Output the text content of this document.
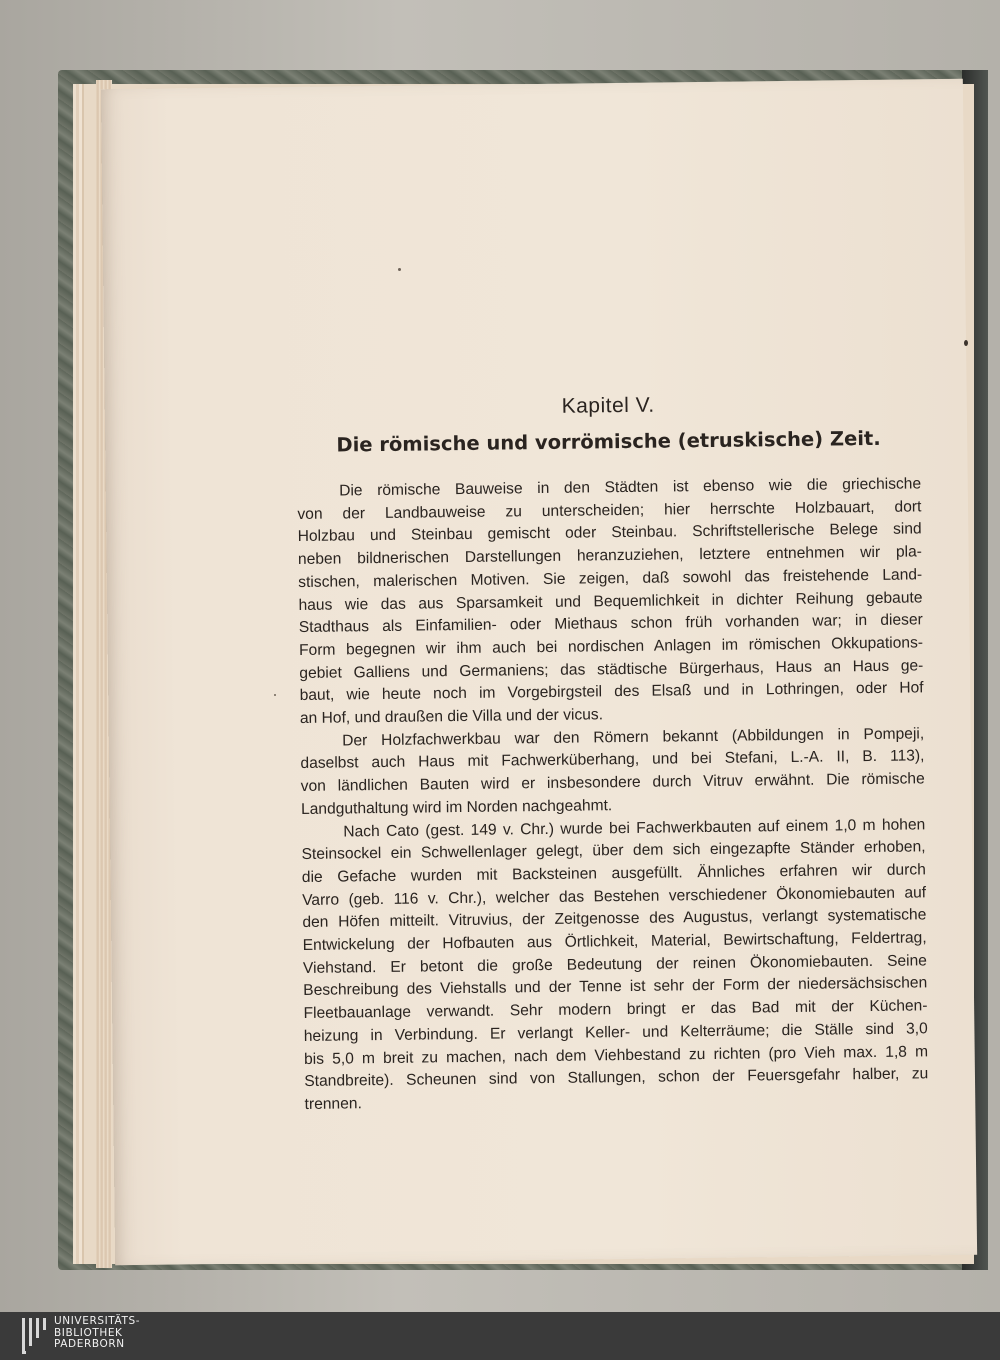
Kapitel V.
Die römische und vorrömische (etruskische) Zeit.
Die römische Bauweise in den Städten ist ebenso wie die griechische
von der Landbauweise zu unterscheiden; hier herrschte Holzbauart, dort
Holzbau und Steinbau gemischt oder Steinbau. Schriftstellerische Belege sind
neben bildnerischen Darstellungen heranzuziehen, letztere entnehmen wir pla-
stischen, malerischen Motiven. Sie zeigen, daß sowohl das freistehende Land-
haus wie das aus Sparsamkeit und Bequemlichkeit in dichter Reihung gebaute
Stadthaus als Einfamilien- oder Miethaus schon früh vorhanden war; in dieser
Form begegnen wir ihm auch bei nordischen Anlagen im römischen Okkupations-
gebiet Galliens und Germaniens; das städtische Bürgerhaus, Haus an Haus ge-
baut, wie heute noch im Vorgebirgsteil des Elsaß und in Lothringen, oder Hof
an Hof, und draußen die Villa und der vicus.
Der Holzfachwerkbau war den Römern bekannt (Abbildungen in Pompeji,
daselbst auch Haus mit Fachwerküberhang, und bei Stefani, L.-A. II, B. 113),
von ländlichen Bauten wird er insbesondere durch Vitruv erwähnt. Die römische
Landguthaltung wird im Norden nachgeahmt.
Nach Cato (gest. 149 v. Chr.) wurde bei Fachwerkbauten auf einem 1,0 m hohen
Steinsockel ein Schwellenlager gelegt, über dem sich eingezapfte Ständer erhoben,
die Gefache wurden mit Backsteinen ausgefüllt. Ähnliches erfahren wir durch
Varro (geb. 116 v. Chr.), welcher das Bestehen verschiedener Ökonomiebauten auf
den Höfen mitteilt. Vitruvius, der Zeitgenosse des Augustus, verlangt systematische
Entwickelung der Hofbauten aus Örtlichkeit, Material, Bewirtschaftung, Feldertrag,
Viehstand. Er betont die große Bedeutung der reinen Ökonomiebauten. Seine
Beschreibung des Viehstalls und der Tenne ist sehr der Form der niedersächsischen
Fleetbauanlage verwandt. Sehr modern bringt er das Bad mit der Küchen-
heizung in Verbindung. Er verlangt Keller- und Kelterräume; die Ställe sind 3,0
bis 5,0 m breit zu machen, nach dem Viehbestand zu richten (pro Vieh max. 1,8 m
Standbreite). Scheunen sind von Stallungen, schon der Feuersgefahr halber, zu
trennen.
UNIVERSITÄTS-
BIBLIOTHEK
PADERBORN
